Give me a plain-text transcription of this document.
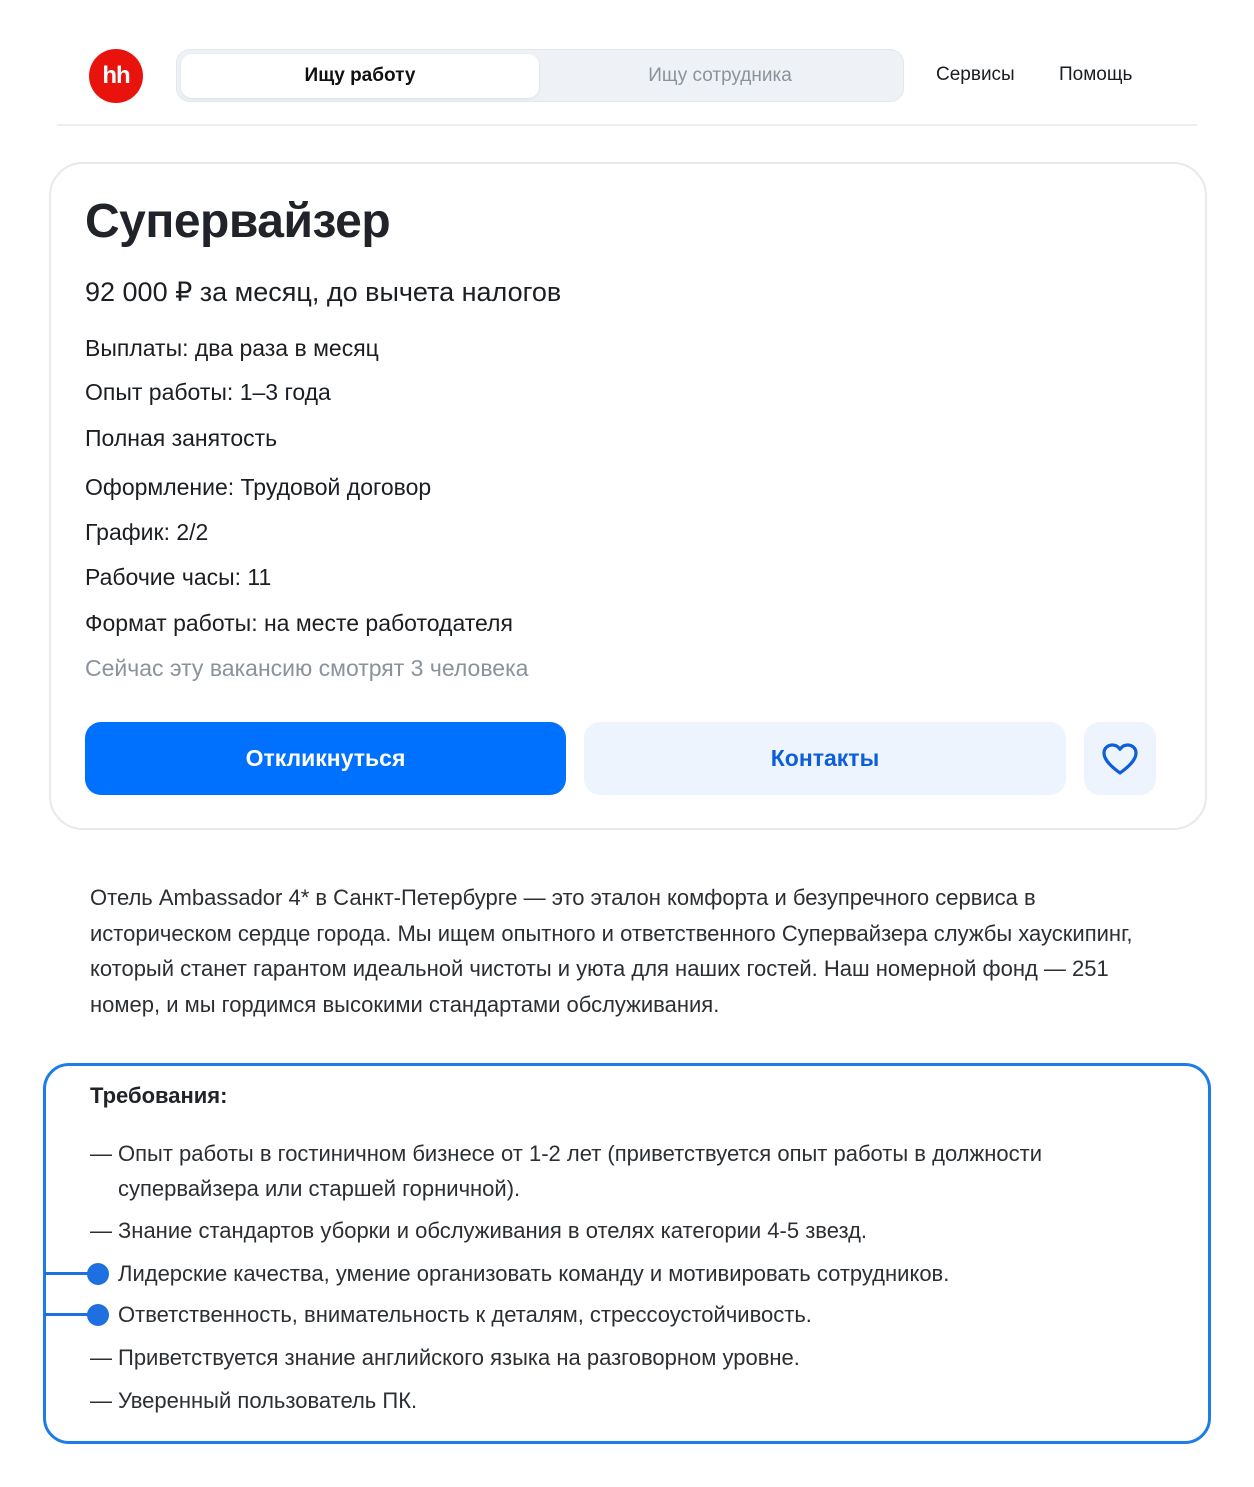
hh	Ищу работу	Ищу сотрудника	Сервисы Помощь
Супервайзер
92 000 ₽ за месяц, до вычета налогов
Выплаты: два раза в месяц
Опыт работы: 1–3 года
Полная занятость
Оформление: Трудовой договор
График: 2/2
Рабочие часы: 11
Формат работы: на месте работодателя
Сейчас эту вакансию смотрят 3 человека
Откликнуться	Контакты
Отель Ambassador 4* в Санкт-Петербурге — это эталон комфорта и безупречного сервиса в историческом сердце города. Мы ищем опытного и ответственного Супервайзера службы хаускипинг, который станет гарантом идеальной чистоты и уюта для наших гостей. Наш номерной фонд — 251 номер, и мы гордимся высокими стандартами обслуживания.
Требования:
— Опыт работы в гостиничном бизнесе от 1-2 лет (приветствуется опыт работы в должности супервайзера или старшей горничной).
— Знание стандартов уборки и обслуживания в отелях категории 4-5 звезд.
Лидерские качества, умение организовать команду и мотивировать сотрудников.
Ответственность, внимательность к деталям, стрессоустойчивость.
— Приветствуется знание английского языка на разговорном уровне.
— Уверенный пользователь ПК.
